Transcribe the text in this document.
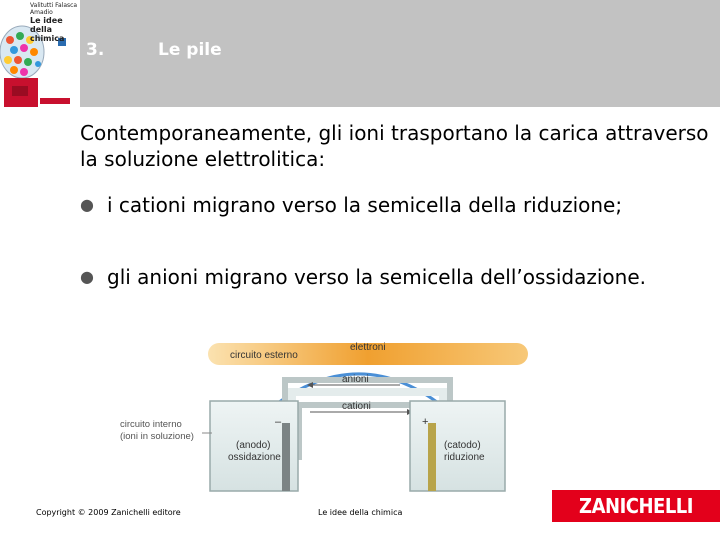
Valitutti Falasca Amadio
Le idee della chimica
3.	Le pile
Contemporaneamente, gli ioni trasportano la carica attraverso la soluzione elettrolitica:
● i cationi migrano verso la semicella della riduzione;
● gli anioni migrano verso la semicella dell’ossidazione.
circuito esterno
elettroni
anioni
cationi
–
(anodo)
ossidazione
+
(catodo)
riduzione
circuito interno
(ioni in soluzione)
Copyright © 2009 Zanichelli editore	Le idee della chimica	ZANICHELLI
